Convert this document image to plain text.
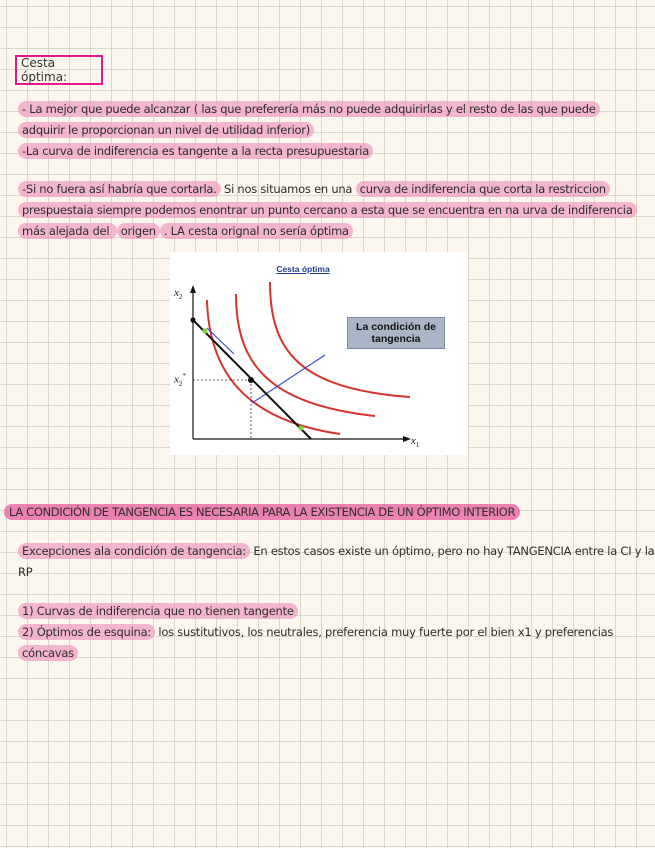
Cesta óptima:
- La mejor que puede alcanzar ( las que preferería más no puede adquirirlas y el resto de las que puede
adquirir le proporcionan un nivel de utilidad inferior)
-La curva de indiferencia es tangente a la recta presupuestaria
-Si no fuera así habría que cortarla. Si nos situamos en una curva de indiferencia que corta la restriccion
prespuestaia siempre podemos enontrar un punto cercano a esta que se encuentra en na urva de indiferencia
más alejada del origen . LA cesta orignal no sería óptima
Cesta óptima
La condición de
tangencia
$x_2$
$x_2^*$
$x_1$
LA CONDICIÓN DE TANGENCIA ES NECESARIA PARA LA EXISTENCIA DE UN ÓPTIMO INTERIOR
Excepciones ala condición de tangencia: En estos casos existe un óptimo, pero no hay TANGENCIA entre la CI y la
RP
1) Curvas de indiferencia que no tienen tangente
2) Óptimos de esquina: los sustitutivos, los neutrales, preferencia muy fuerte por el bien x1 y preferencias
cóncavas
